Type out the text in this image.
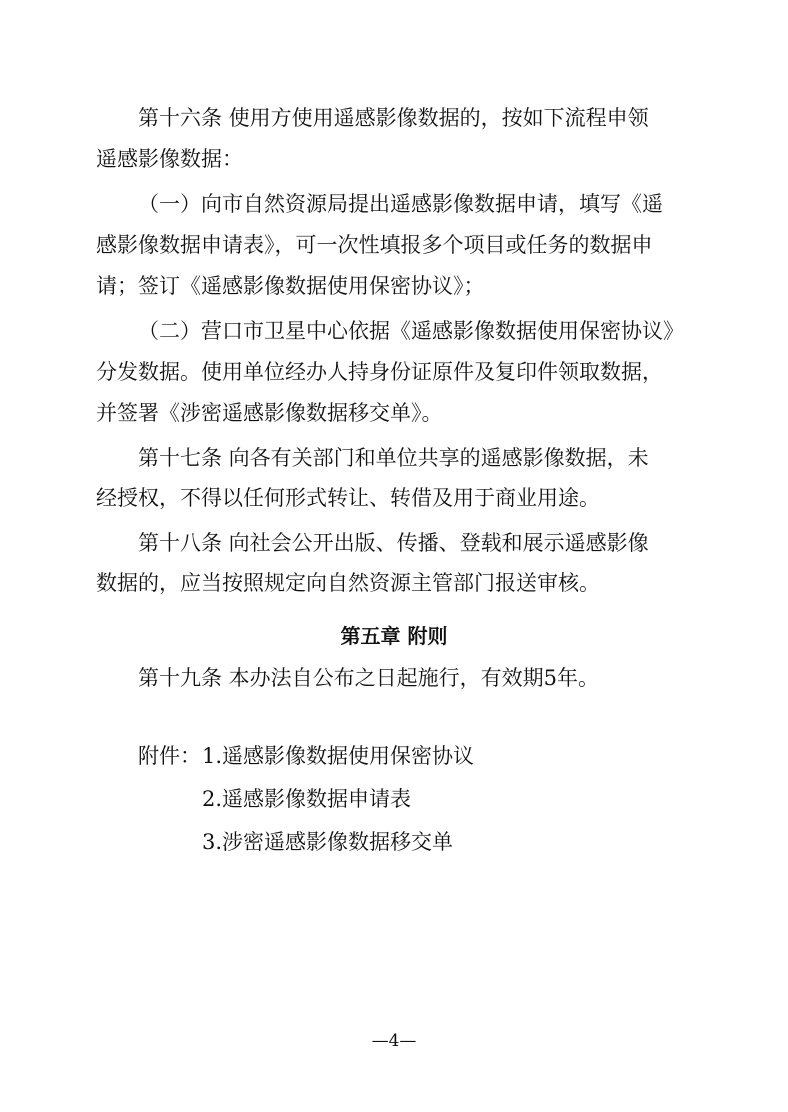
第十六条 使用方使用遥感影像数据的，按如下流程申领
遥感影像数据：
（一）向市自然资源局提出遥感影像数据申请，填写《遥
感影像数据申请表》，可一次性填报多个项目或任务的数据申
请；签订《遥感影像数据使用保密协议》；
（二）营口市卫星中心依据《遥感影像数据使用保密协议》
分发数据。使用单位经办人持身份证原件及复印件领取数据，
并签署《涉密遥感影像数据移交单》。
第十七条 向各有关部门和单位共享的遥感影像数据，未
经授权，不得以任何形式转让、转借及用于商业用途。
第十八条 向社会公开出版、传播、登载和展示遥感影像
数据的，应当按照规定向自然资源主管部门报送审核。
第五章 附则
第十九条 本办法自公布之日起施行，有效期5年。
附件： 1.遥感影像数据使用保密协议
2.遥感影像数据申请表
3.涉密遥感影像数据移交单
—4—
